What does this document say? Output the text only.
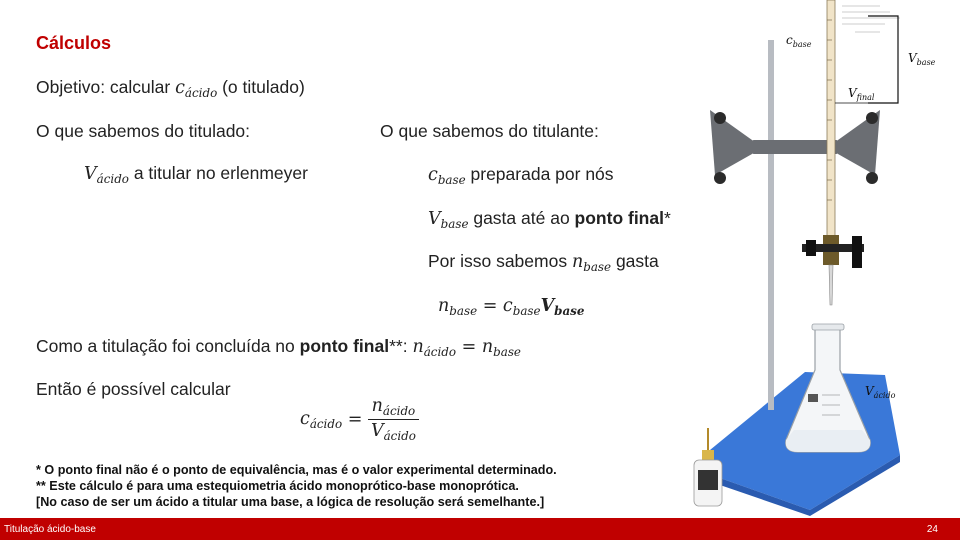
Cálculos
Objetivo: calcular $c_{ácido}$ (o titulado)
O que sabemos do titulado:
$V_{ácido}$ a titular no erlenmeyer
O que sabemos do titulante:
$c_{base}$ preparada por nós
$V_{base}$ gasta até ao ponto final*
Por isso sabemos $n_{base}$ gasta
$n_{base} = c_{base}V_{base}$
Como a titulação foi concluída no ponto final**: $n_{ácido} = n_{base}$
Então é possível calcular
$c_{ácido} = \frac{n_{ácido}}{V_{ácido}}$
* O ponto final não é o ponto de equivalência, mas é o valor experimental determinado.
** Este cálculo é para uma estequiometria ácido monoprótico-base monoprótica.
[No caso de ser um ácido a titular uma base, a lógica de resolução será semelhante.]
$c_{base}$
$V_{base}$
$V_{final}$
$V_{ácido}$
Titulação ácido-base	24
